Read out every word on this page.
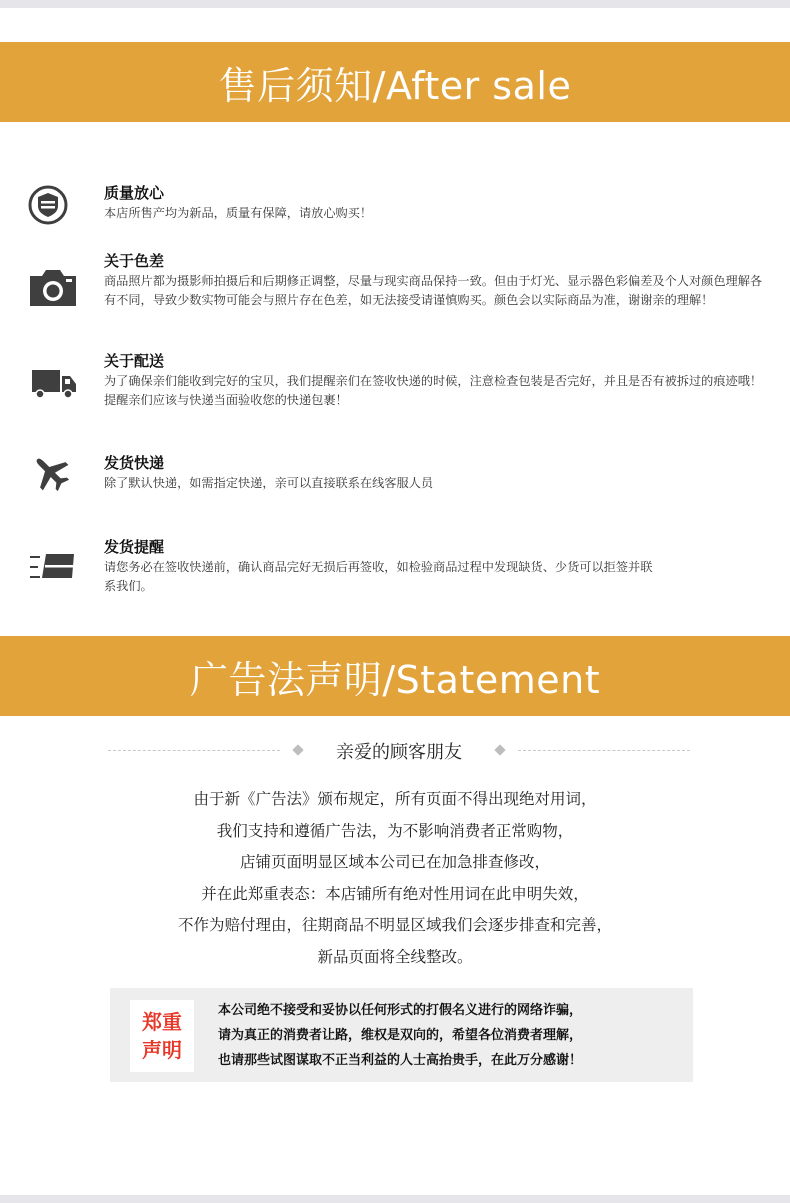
售后须知/After sale
质量放心
本店所售产均为新品，质量有保障，请放心购买！
关于色差
商品照片都为摄影师拍摄后和后期修正调整，尽量与现实商品保持一致。但由于灯光、显示器色彩偏差及个人对颜色理解各有不同，导致少数实物可能会与照片存在色差，如无法接受请谨慎购买。颜色会以实际商品为准，谢谢亲的理解！
关于配送
为了确保亲们能收到完好的宝贝，我们提醒亲们在签收快递的时候，注意检查包装是否完好，并且是否有被拆过的痕迹哦！提醒亲们应该与快递当面验收您的快递包裹！
发货快递
除了默认快递，如需指定快递，亲可以直接联系在线客服人员
发货提醒
请您务必在签收快递前，确认商品完好无损后再签收，如检验商品过程中发现缺货、少货可以拒签并联系我们。
广告法声明/Statement
亲爱的顾客朋友
由于新《广告法》颁布规定，所有页面不得出现绝对用词，
我们支持和遵循广告法，为不影响消费者正常购物，
店铺页面明显区域本公司已在加急排查修改，
并在此郑重表态：本店铺所有绝对性用词在此申明失效，
不作为赔付理由，往期商品不明显区域我们会逐步排查和完善，
新品页面将全线整改。
郑重
声明
本公司绝不接受和妥协以任何形式的打假名义进行的网络诈骗，
请为真正的消费者让路，维权是双向的，希望各位消费者理解，
也请那些试图谋取不正当利益的人士高抬贵手，在此万分感谢！
